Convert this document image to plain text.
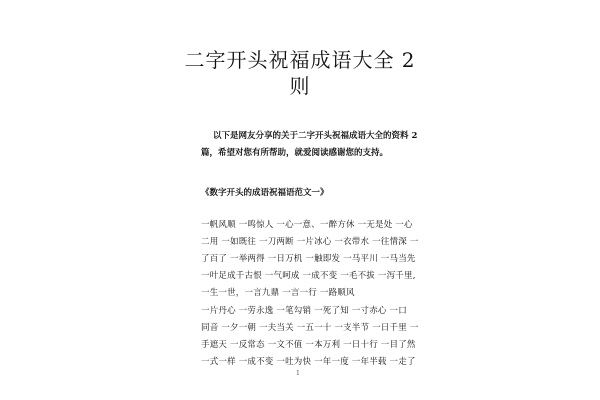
二字开头祝福成语大全 2
则
以下是网友分享的关于二字开头祝福成语大全的资料 2
篇，希望对您有所帮助，就爱阅读感谢您的支持。
《数字开头的成语祝福语范文一》
一帆风顺 一鸣惊人 一心一意、一醉方休 一无是处 一心
二用 一如既往 一刀两断 一片冰心 一衣带水 一往情深 一
了百了 一举两得 一日万机 一触即发 一马平川 一马当先
一叶足成千古恨 一气呵成 一成不变 一毛不拔 一泻千里,
一生一世，一言九鼎 一言一行 一路顺风
一片丹心 一劳永逸 一笔勾销 一死了知 一寸赤心 一口
同音 一夕一朝 一夫当关 一五一十 一支半节 一日千里 一
手遮天 一反常态 一文不值 一本万利 一日十行 一目了然
一式一样 一成不变 一吐为快 一年一度 一年半载 一走了
1
